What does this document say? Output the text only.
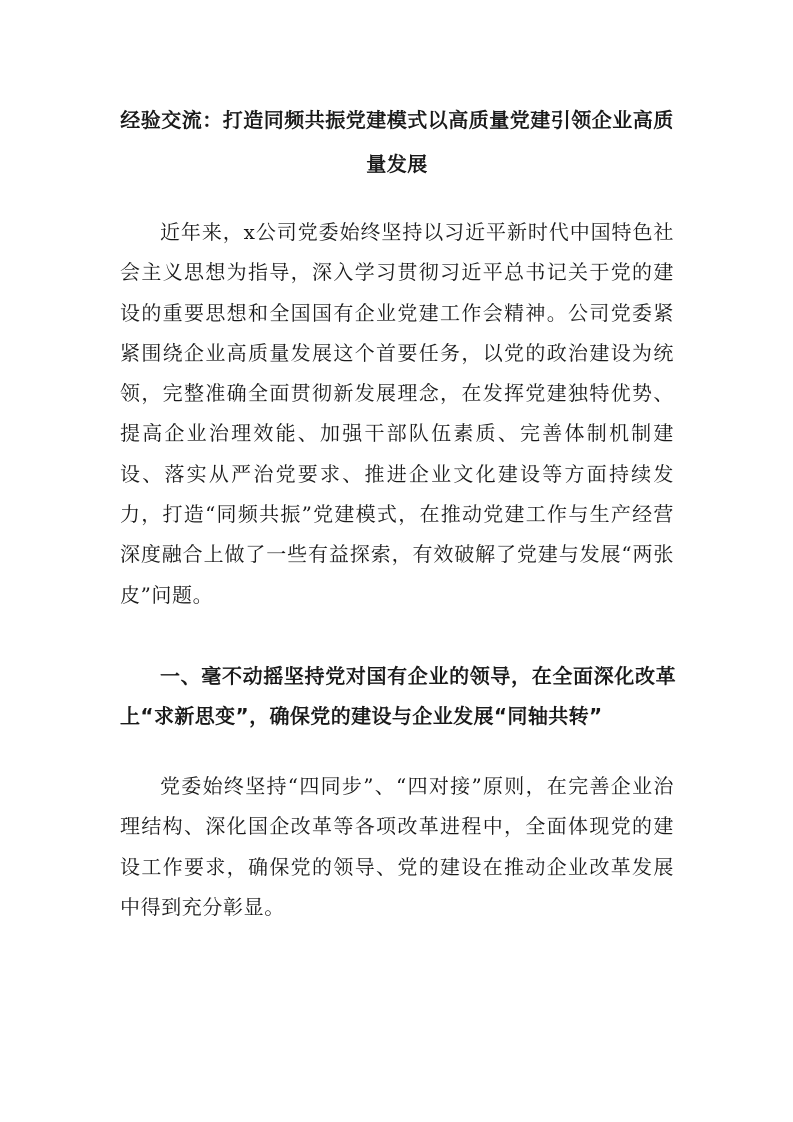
经验交流：打造同频共振党建模式以高质量党建引领企业高质量发展

近年来，x公司党委始终坚持以习近平新时代中国特色社会主义思想为指导，深入学习贯彻习近平总书记关于党的建设的重要思想和全国国有企业党建工作会精神。公司党委紧紧围绕企业高质量发展这个首要任务，以党的政治建设为统领，完整准确全面贯彻新发展理念，在发挥党建独特优势、提高企业治理效能、加强干部队伍素质、完善体制机制建设、落实从严治党要求、推进企业文化建设等方面持续发力，打造“同频共振”党建模式，在推动党建工作与生产经营深度融合上做了一些有益探索，有效破解了党建与发展“两张皮”问题。

一、毫不动摇坚持党对国有企业的领导，在全面深化改革上“求新思变”，确保党的建设与企业发展“同轴共转”

党委始终坚持“四同步”、“四对接”原则，在完善企业治理结构、深化国企改革等各项改革进程中，全面体现党的建设工作要求，确保党的领导、党的建设在推动企业改革发展中得到充分彰显。
